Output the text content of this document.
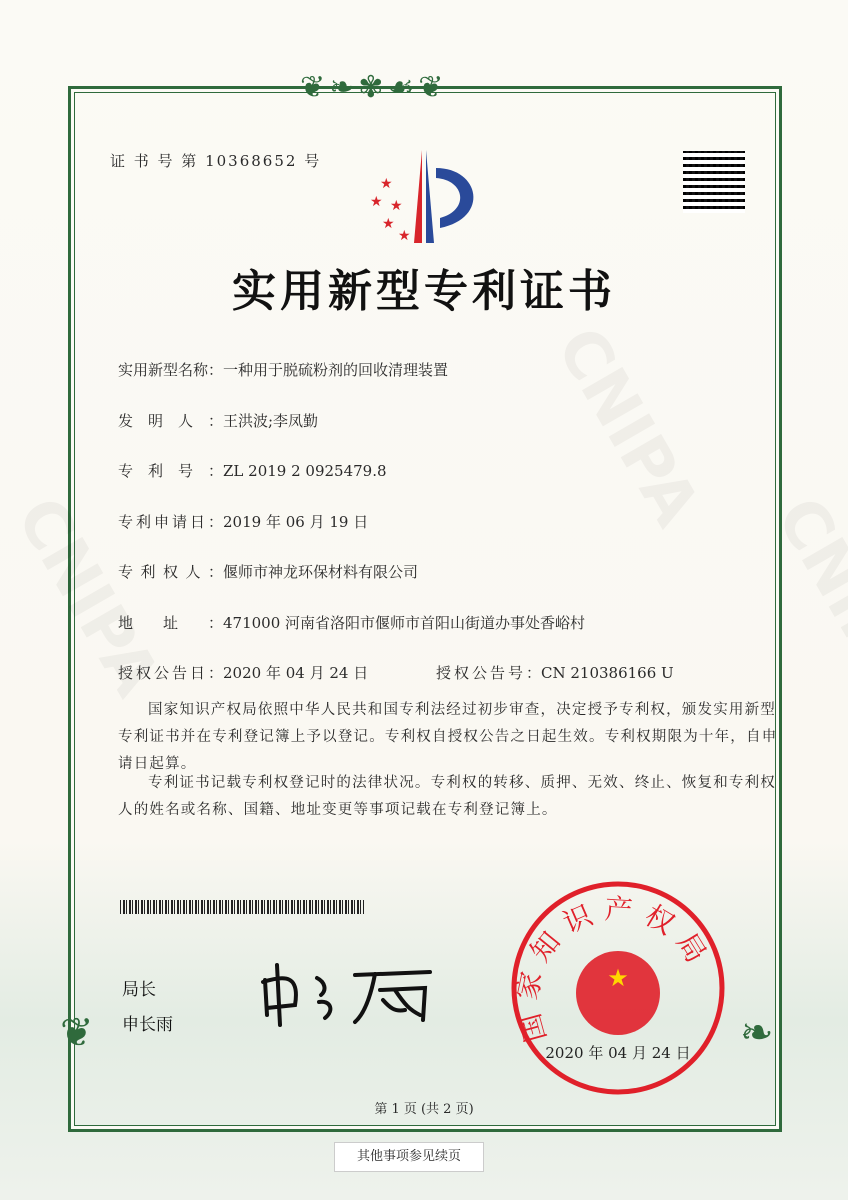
❦❧✾☙❦
❦	❧
证 书 号 第 10368652 号
★
★ ★
★
★
实用新型专利证书
实用新型名称：一种用于脱硫粉剂的回收清理装置
发明人：王洪波;李凤勤
专利号：ZL 2019 2 0925479.8
专利申请日：2019 年 06 月 19 日
专利权人：偃师市神龙环保材料有限公司
地址：471000 河南省洛阳市偃师市首阳山街道办事处香峪村
授权公告日：2020 年 04 月 24 日	授权公告号：CN 210386166 U
国家知识产权局依照中华人民共和国专利法经过初步审查，决定授予专利权，颁发实用新型专利证书并在专利登记簿上予以登记。专利权自授权公告之日起生效。专利权期限为十年，自申请日起算。
专利证书记载专利权登记时的法律状况。专利权的转移、质押、无效、终止、恢复和专利权人的姓名或名称、国籍、地址变更等事项记载在专利登记簿上。
局长
申长雨
★
国家知识产权局
2020 年 04 月 24 日
第 1 页 (共 2 页)
其他事项参见续页
